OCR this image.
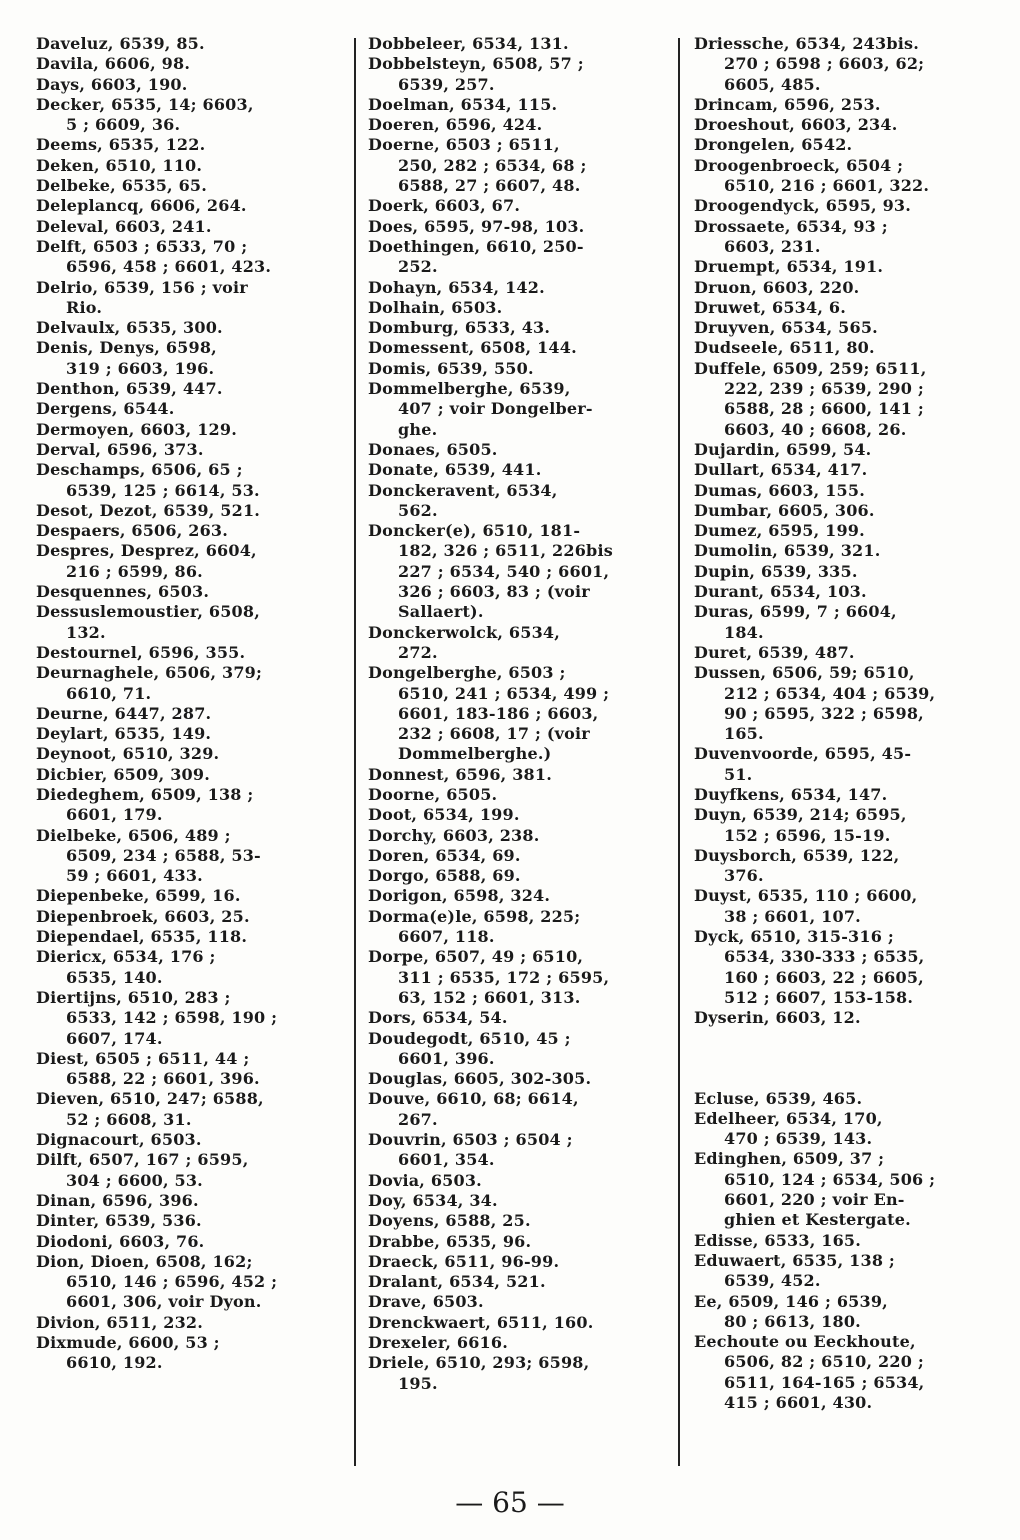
Daveluz, 6539, 85.
Davila, 6606, 98.
Days, 6603, 190.
Decker, 6535, 14; 6603,
5 ; 6609, 36.
Deems, 6535, 122.
Deken, 6510, 110.
Delbeke, 6535, 65.
Deleplancq, 6606, 264.
Deleval, 6603, 241.
Delft, 6503 ; 6533, 70 ;
6596, 458 ; 6601, 423.
Delrio, 6539, 156 ; voir
Rio.
Delvaulx, 6535, 300.
Denis, Denys, 6598,
319 ; 6603, 196.
Denthon, 6539, 447.
Dergens, 6544.
Dermoyen, 6603, 129.
Derval, 6596, 373.
Deschamps, 6506, 65 ;
6539, 125 ; 6614, 53.
Desot, Dezot, 6539, 521.
Despaers, 6506, 263.
Despres, Desprez, 6604,
216 ; 6599, 86.
Desquennes, 6503.
Dessuslemoustier, 6508,
132.
Destournel, 6596, 355.
Deurnaghele, 6506, 379;
6610, 71.
Deurne, 6447, 287.
Deylart, 6535, 149.
Deynoot, 6510, 329.
Dicbier, 6509, 309.
Diedeghem, 6509, 138 ;
6601, 179.
Dielbeke, 6506, 489 ;
6509, 234 ; 6588, 53-
59 ; 6601, 433.
Diepenbeke, 6599, 16.
Diepenbroek, 6603, 25.
Diependael, 6535, 118.
Diericx, 6534, 176 ;
6535, 140.
Diertijns, 6510, 283 ;
6533, 142 ; 6598, 190 ;
6607, 174.
Diest, 6505 ; 6511, 44 ;
6588, 22 ; 6601, 396.
Dieven, 6510, 247; 6588,
52 ; 6608, 31.
Dignacourt, 6503.
Dilft, 6507, 167 ; 6595,
304 ; 6600, 53.
Dinan, 6596, 396.
Dinter, 6539, 536.
Diodoni, 6603, 76.
Dion, Dioen, 6508, 162;
6510, 146 ; 6596, 452 ;
6601, 306, voir Dyon.
Divion, 6511, 232.
Dixmude, 6600, 53 ;
6610, 192.
Dobbeleer, 6534, 131.
Dobbelsteyn, 6508, 57 ;
6539, 257.
Doelman, 6534, 115.
Doeren, 6596, 424.
Doerne, 6503 ; 6511,
250, 282 ; 6534, 68 ;
6588, 27 ; 6607, 48.
Doerk, 6603, 67.
Does, 6595, 97-98, 103.
Doethingen, 6610, 250-
252.
Dohayn, 6534, 142.
Dolhain, 6503.
Domburg, 6533, 43.
Domessent, 6508, 144.
Domis, 6539, 550.
Dommelberghe, 6539,
407 ; voir Dongelber-
ghe.
Donaes, 6505.
Donate, 6539, 441.
Donckeravent, 6534,
562.
Doncker(e), 6510, 181-
182, 326 ; 6511, 226bis
227 ; 6534, 540 ; 6601,
326 ; 6603, 83 ; (voir
Sallaert).
Donckerwolck, 6534,
272.
Dongelberghe, 6503 ;
6510, 241 ; 6534, 499 ;
6601, 183-186 ; 6603,
232 ; 6608, 17 ; (voir
Dommelberghe.)
Donnest, 6596, 381.
Doorne, 6505.
Doot, 6534, 199.
Dorchy, 6603, 238.
Doren, 6534, 69.
Dorgo, 6588, 69.
Dorigon, 6598, 324.
Dorma(e)le, 6598, 225;
6607, 118.
Dorpe, 6507, 49 ; 6510,
311 ; 6535, 172 ; 6595,
63, 152 ; 6601, 313.
Dors, 6534, 54.
Doudegodt, 6510, 45 ;
6601, 396.
Douglas, 6605, 302-305.
Douve, 6610, 68; 6614,
267.
Douvrin, 6503 ; 6504 ;
6601, 354.
Dovia, 6503.
Doy, 6534, 34.
Doyens, 6588, 25.
Drabbe, 6535, 96.
Draeck, 6511, 96-99.
Dralant, 6534, 521.
Drave, 6503.
Drenckwaert, 6511, 160.
Drexeler, 6616.
Driele, 6510, 293; 6598,
195.
Driessche, 6534, 243bis.
270 ; 6598 ; 6603, 62;
6605, 485.
Drincam, 6596, 253.
Droeshout, 6603, 234.
Drongelen, 6542.
Droogenbroeck, 6504 ;
6510, 216 ; 6601, 322.
Droogendyck, 6595, 93.
Drossaete, 6534, 93 ;
6603, 231.
Druempt, 6534, 191.
Druon, 6603, 220.
Druwet, 6534, 6.
Druyven, 6534, 565.
Dudseele, 6511, 80.
Duffele, 6509, 259; 6511,
222, 239 ; 6539, 290 ;
6588, 28 ; 6600, 141 ;
6603, 40 ; 6608, 26.
Dujardin, 6599, 54.
Dullart, 6534, 417.
Dumas, 6603, 155.
Dumbar, 6605, 306.
Dumez, 6595, 199.
Dumolin, 6539, 321.
Dupin, 6539, 335.
Durant, 6534, 103.
Duras, 6599, 7 ; 6604,
184.
Duret, 6539, 487.
Dussen, 6506, 59; 6510,
212 ; 6534, 404 ; 6539,
90 ; 6595, 322 ; 6598,
165.
Duvenvoorde, 6595, 45-
51.
Duyfkens, 6534, 147.
Duyn, 6539, 214; 6595,
152 ; 6596, 15-19.
Duysborch, 6539, 122,
376.
Duyst, 6535, 110 ; 6600,
38 ; 6601, 107.
Dyck, 6510, 315-316 ;
6534, 330-333 ; 6535,
160 ; 6603, 22 ; 6605,
512 ; 6607, 153-158.
Dyserin, 6603, 12.
Ecluse, 6539, 465.
Edelheer, 6534, 170,
470 ; 6539, 143.
Edinghen, 6509, 37 ;
6510, 124 ; 6534, 506 ;
6601, 220 ; voir En-
ghien et Kestergate.
Edisse, 6533, 165.
Eduwaert, 6535, 138 ;
6539, 452.
Ee, 6509, 146 ; 6539,
80 ; 6613, 180.
Eechoute ou Eeckhoute,
6506, 82 ; 6510, 220 ;
6511, 164-165 ; 6534,
415 ; 6601, 430.
— 65 —
